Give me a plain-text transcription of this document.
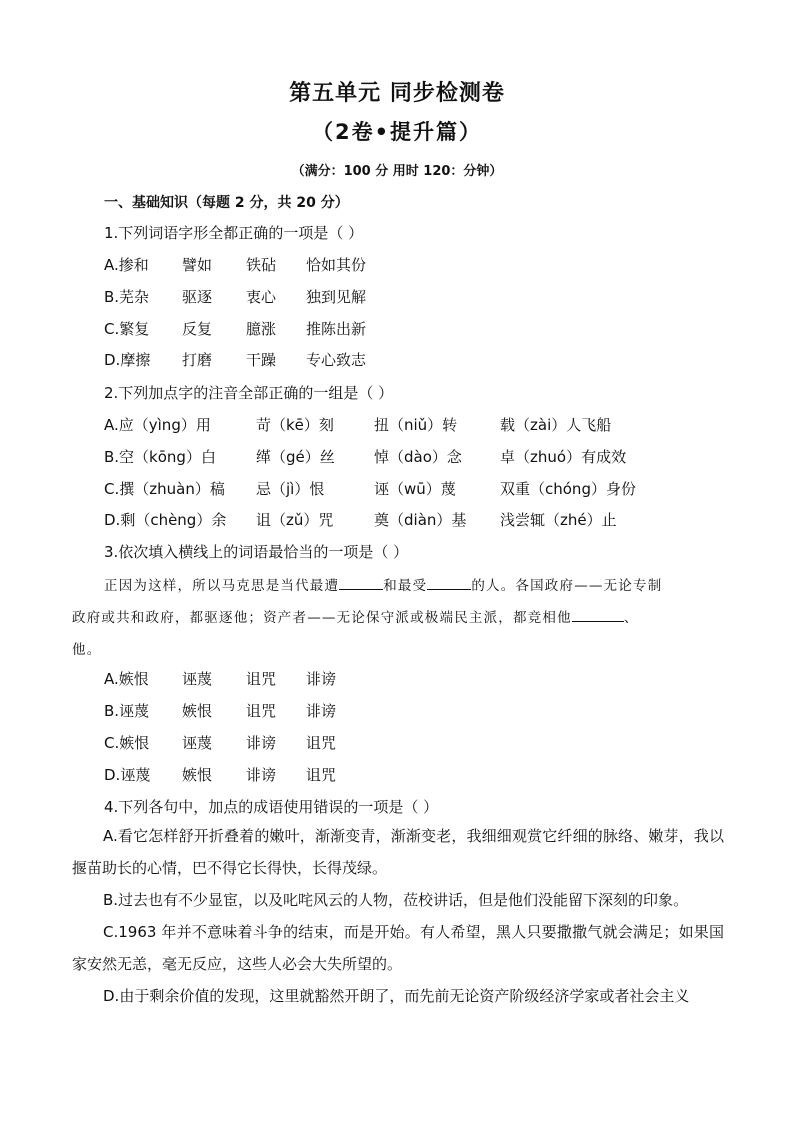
第五单元 同步检测卷
（2卷•提升篇）
（满分：100 分 用时 120：分钟）
一、基础知识（每题 2 分，共 20 分）
1.下列词语字形全都正确的一项是（ ）
A.掺和 譬如 铁砧 恰如其份
B.芜杂 驱逐 衷心 独到见解
C.繁复 反复 臆涨 推陈出新
D.摩擦 打磨 干躁 专心致志
2.下列加点字的注音全部正确的一组是（ ）
A.应（yìng）用	苛（kē）刻	扭（niǔ）转	载（zài）人飞船
B.空（kōng）白	缂（gé）丝	悼（dào）念	卓（zhuó）有成效
C.撰（zhuàn）稿 忌（jì）恨	诬（wū）蔑	双重（chóng）身份
D.剩（chèng）余 诅（zǔ）咒	奠（diàn）基 浅尝辄（zhé）止
3.依次填入横线上的词语最恰当的一项是（ ）
正因为这样，所以马克思是当代最遭	和最受	的人。各国政府——无论专制
政府或共和政府，都驱逐他；资产者——无论保守派或极端民主派，都竞相他	、
他。
A.嫉恨 诬蔑 诅咒 诽谤
B.诬蔑 嫉恨 诅咒 诽谤
C.嫉恨 诬蔑 诽谤 诅咒
D.诬蔑 嫉恨 诽谤 诅咒
4.下列各句中，加点的成语使用错误的一项是（ ）
A.看它怎样舒开折叠着的嫩叶，渐渐变青，渐渐变老，我细细观赏它纤细的脉络、嫩芽，我以揠苗助长的心情，巴不得它长得快，长得茂绿。
B.过去也有不少显宦，以及叱咤风云的人物，莅校讲话，但是他们没能留下深刻的印象。
C.1963 年并不意味着斗争的结束，而是开始。有人希望，黑人只要撒撒气就会满足；如果国家安然无恙，毫无反应，这些人必会大失所望的。
D.由于剩余价值的发现，这里就豁然开朗了，而先前无论资产阶级经济学家或者社会主义
